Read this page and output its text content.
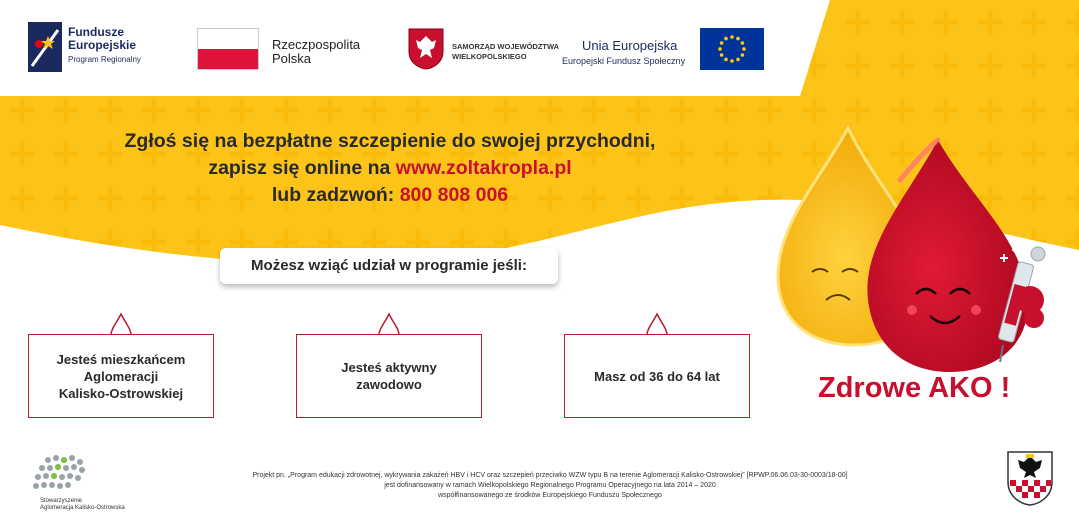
Fundusze
Europejskie
Program Regionalny
Rzeczpospolita
Polska
SAMORZĄD WOJEWÓDZTWA
WIELKOPOLSKIEGO
Unia Europejska
Europejski Fundusz Społeczny
Zgłoś się na bezpłatne szczepienie do swojej przychodni,
zapisz się online na www.zoltakropla.pl
lub zadzwoń: 800 808 006
Możesz wziąć udział w programie jeśli:
Jesteś mieszkańcem
Aglomeracji
Kalisko-Ostrowskiej
Jesteś aktywny
zawodowo
Masz od 36 do 64 lat	Zdrowe AKO !
Stowarzyszenie
Aglomeracja Kalisko-Ostrowska
Projekt pn. „Program edukacji zdrowotnej, wykrywania zakażeń HBV i HCV oraz szczepień przeciwko WZW typu B na terenie Aglomeracji Kalisko-Ostrowskiej” [RPWP.06.06.03-30-0003/18-00]
jest dofinansowany w ramach Wielkopolskiego Regionalnego Programu Operacyjnego na lata 2014 – 2020
współfinansowanego ze środków Europejskiego Funduszu Społecznego
